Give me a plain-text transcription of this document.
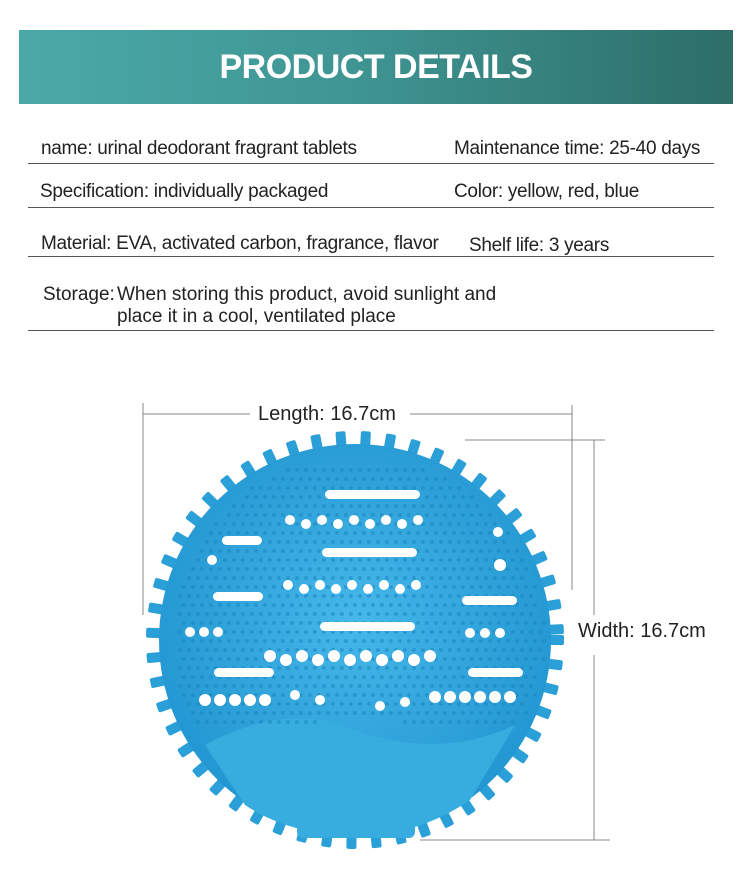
PRODUCT DETAILS
name: urinal deodorant fragrant tablets	Maintenance time: 25-40 days
Specification: individually packaged	Color: yellow, red, blue
Material: EVA, activated carbon, fragrance, flavor Shelf life: 3 years
Storage: When storing this product, avoid sunlight and place it in a cool, ventilated place
Length: 16.7cm
Width: 16.7cm
